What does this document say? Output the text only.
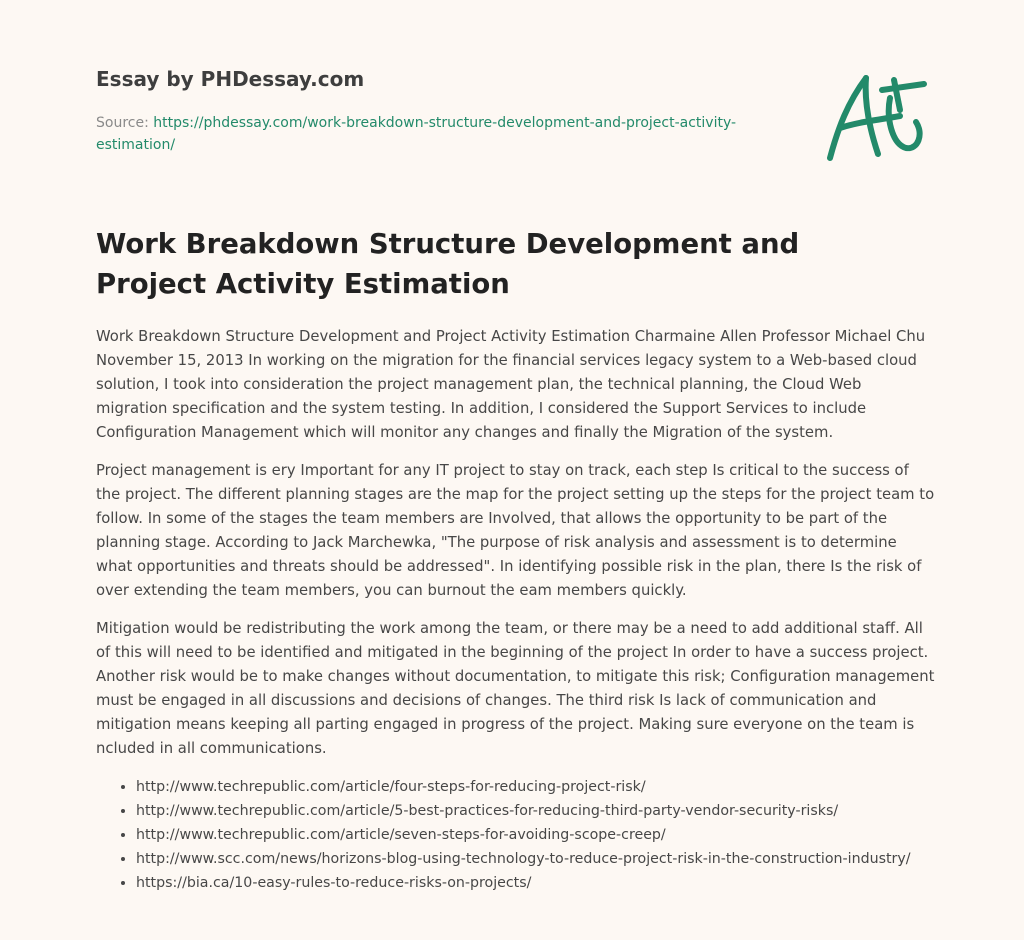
Essay by PHDessay.com

Source: https://phdessay.com/work-breakdown-structure-development-and-project-activity-estimation/

Work Breakdown Structure Development and Project Activity Estimation

Work Breakdown Structure Development and Project Activity Estimation Charmaine Allen Professor Michael Chu November 15, 2013 In working on the migration for the financial services legacy system to a Web-based cloud solution, I took into consideration the project management plan, the technical planning, the Cloud Web migration specification and the system testing. In addition, I considered the Support Services to include Configuration Management which will monitor any changes and finally the Migration of the system.

Project management is ery Important for any IT project to stay on track, each step Is critical to the success of the project. The different planning stages are the map for the project setting up the steps for the project team to follow. In some of the stages the team members are Involved, that allows the opportunity to be part of the planning stage. According to Jack Marchewka, "The purpose of risk analysis and assessment is to determine what opportunities and threats should be addressed". In identifying possible risk in the plan, there Is the risk of over extending the team members, you can burnout the eam members quickly.

Mitigation would be redistributing the work among the team, or there may be a need to add additional staff. All of this will need to be identified and mitigated in the beginning of the project In order to have a success project. Another risk would be to make changes without documentation, to mitigate this risk; Configuration management must be engaged in all discussions and decisions of changes. The third risk Is lack of communication and mitigation means keeping all parting engaged in progress of the project. Making sure everyone on the team is ncluded in all communications.

• http://www.techrepublic.com/article/four-steps-for-reducing-project-risk/
• http://www.techrepublic.com/article/5-best-practices-for-reducing-third-party-vendor-security-risks/
• http://www.techrepublic.com/article/seven-steps-for-avoiding-scope-creep/
• http://www.scc.com/news/horizons-blog-using-technology-to-reduce-project-risk-in-the-construction-industry/
• https://bia.ca/10-easy-rules-to-reduce-risks-on-projects/
